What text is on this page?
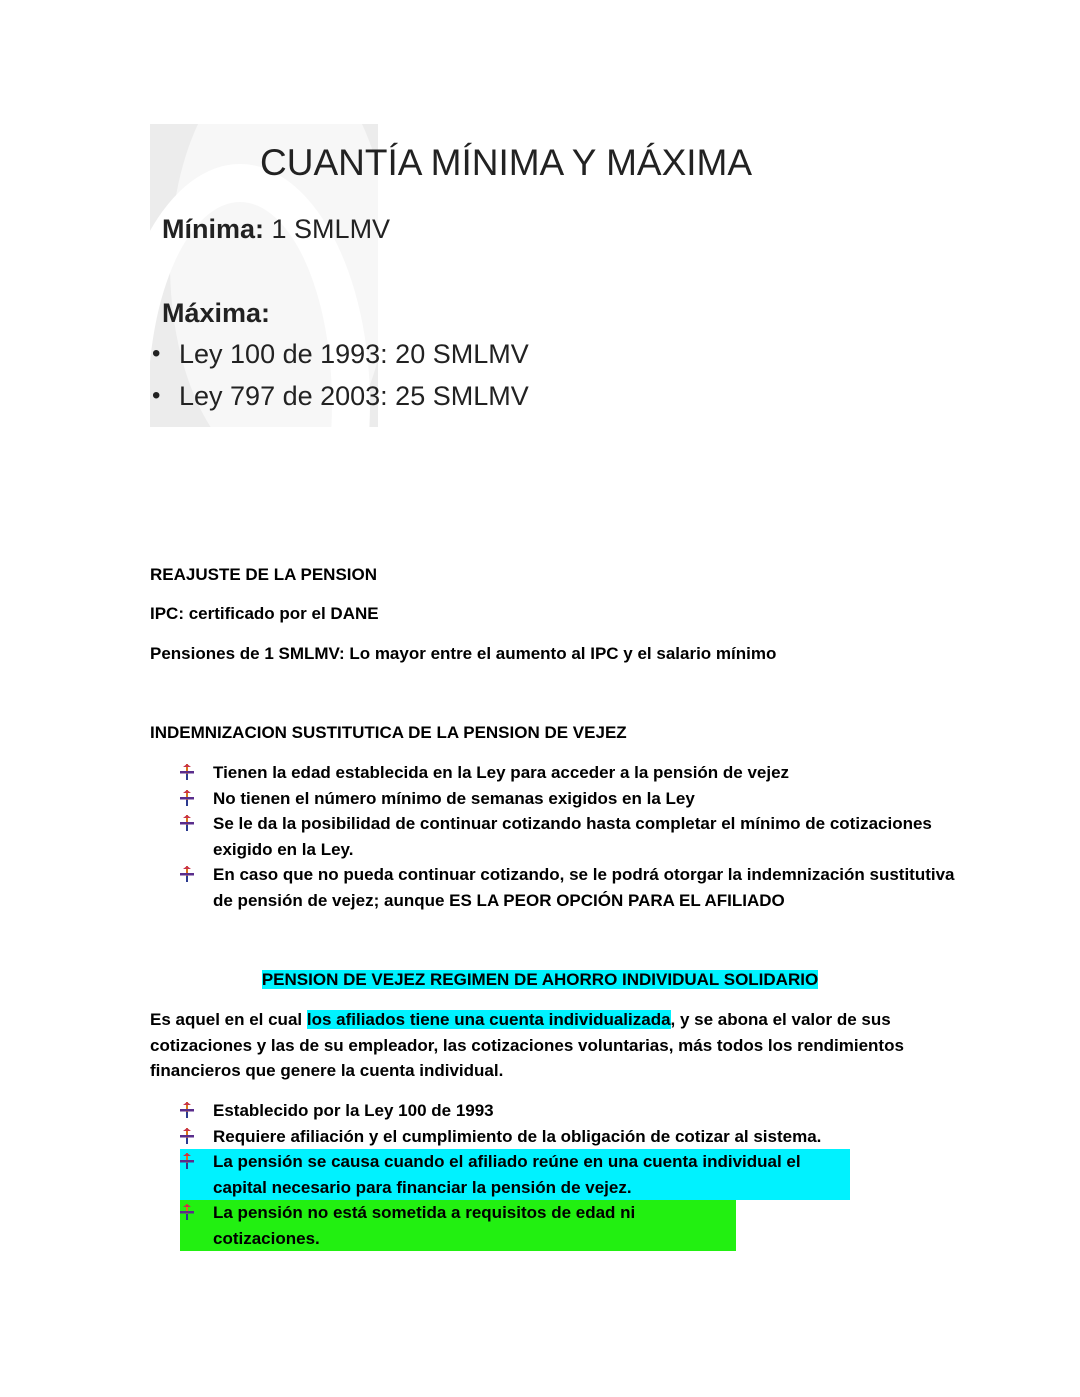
CUANTÍA MÍNIMA Y MÁXIMA
Mínima: 1 SMLMV
Máxima:
• Ley 100 de 1993: 20 SMLMV
• Ley 797 de 2003: 25 SMLMV
REAJUSTE DE LA PENSION
IPC: certificado por el DANE
Pensiones de 1 SMLMV: Lo mayor entre el aumento al IPC y el salario mínimo
INDEMNIZACION SUSTITUTICA DE LA PENSION DE VEJEZ
Tienen la edad establecida en la Ley para acceder a la pensión de vejez
No tienen el número mínimo de semanas exigidos en la Ley
Se le da la posibilidad de continuar cotizando hasta completar el mínimo de cotizaciones exigido en la Ley.
En caso que no pueda continuar cotizando, se le podrá otorgar la indemnización sustitutiva de pensión de vejez; aunque ES LA PEOR OPCIÓN PARA EL AFILIADO
PENSION DE VEJEZ REGIMEN DE AHORRO INDIVIDUAL SOLIDARIO
Es aquel en el cual los afiliados tiene una cuenta individualizada, y se abona el valor de sus cotizaciones y las de su empleador, las cotizaciones voluntarias, más todos los rendimientos financieros que genere la cuenta individual.
Establecido por la Ley 100 de 1993
Requiere afiliación y el cumplimiento de la obligación de cotizar al sistema.
La pensión se causa cuando el afiliado reúne en una cuenta individual el capital necesario para financiar la pensión de vejez.
La pensión no está sometida a requisitos de edad ni cotizaciones.
